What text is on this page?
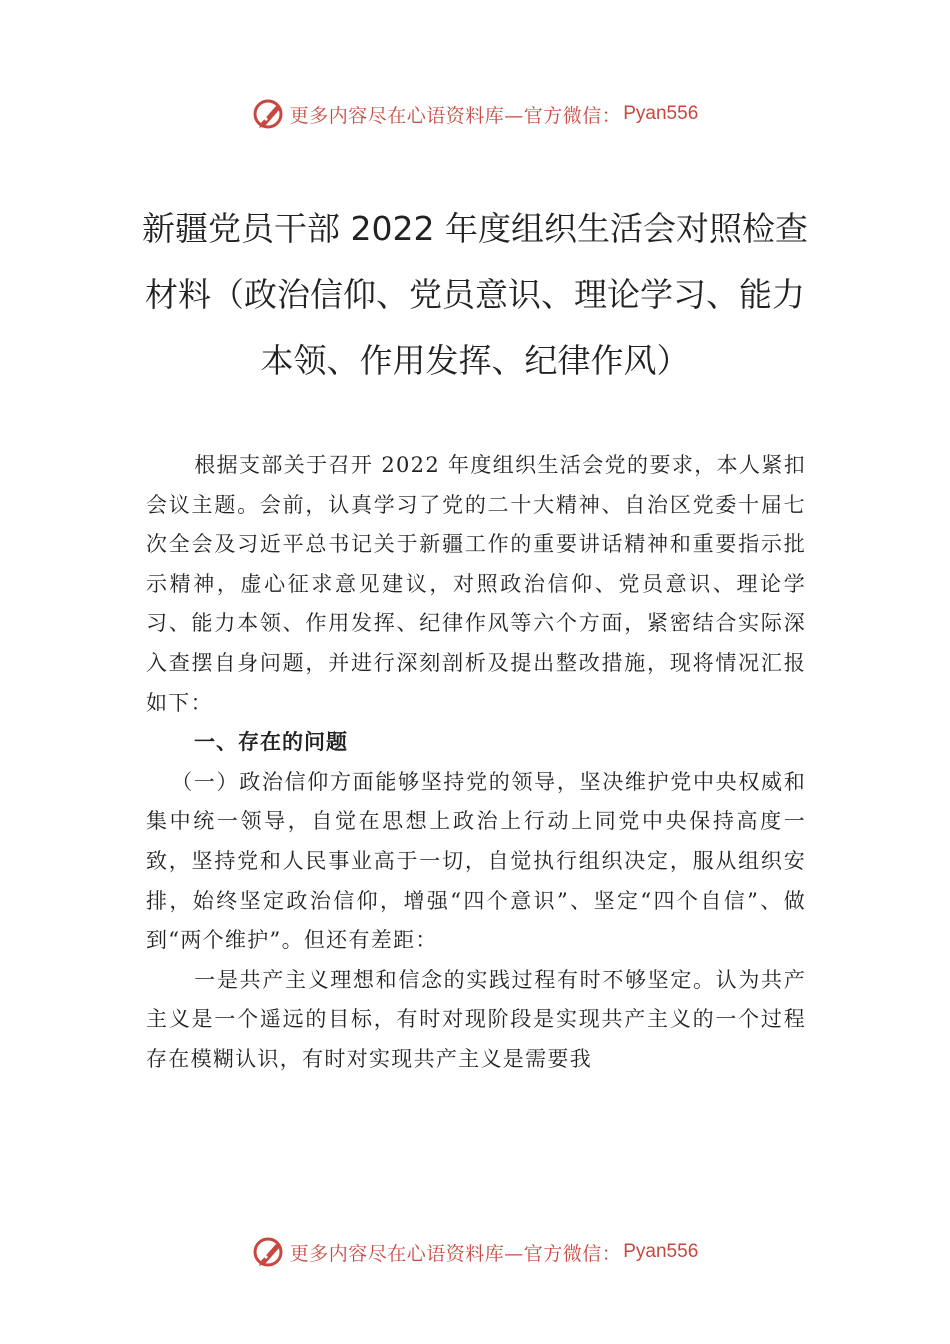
更多内容尽在心语资料库—官方微信： Pyan556
新疆党员干部 2022 年度组织生活会对照检查材料（政治信仰、党员意识、理论学习、能力本领、作用发挥、纪律作风）

根据支部关于召开 2022 年度组织生活会党的要求，本人紧扣会议主题。会前，认真学习了党的二十大精神、自治区党委十届七次全会及习近平总书记关于新疆工作的重要讲话精神和重要指示批示精神，虚心征求意见建议，对照政治信仰、党员意识、理论学习、能力本领、作用发挥、纪律作风等六个方面，紧密结合实际深入查摆自身问题，并进行深刻剖析及提出整改措施，现将情况汇报如下：

一、存在的问题

（一）政治信仰方面能够坚持党的领导，坚决维护党中央权威和集中统一领导，自觉在思想上政治上行动上同党中央保持高度一致，坚持党和人民事业高于一切，自觉执行组织决定，服从组织安排，始终坚定政治信仰，增强“四个意识”、坚定“四个自信”、做到“两个维护”。但还有差距：

一是共产主义理想和信念的实践过程有时不够坚定。认为共产主义是一个遥远的目标，有时对现阶段是实现共产主义的一个过程存在模糊认识，有时对实现共产主义是需要我

更多内容尽在心语资料库—官方微信： Pyan556
